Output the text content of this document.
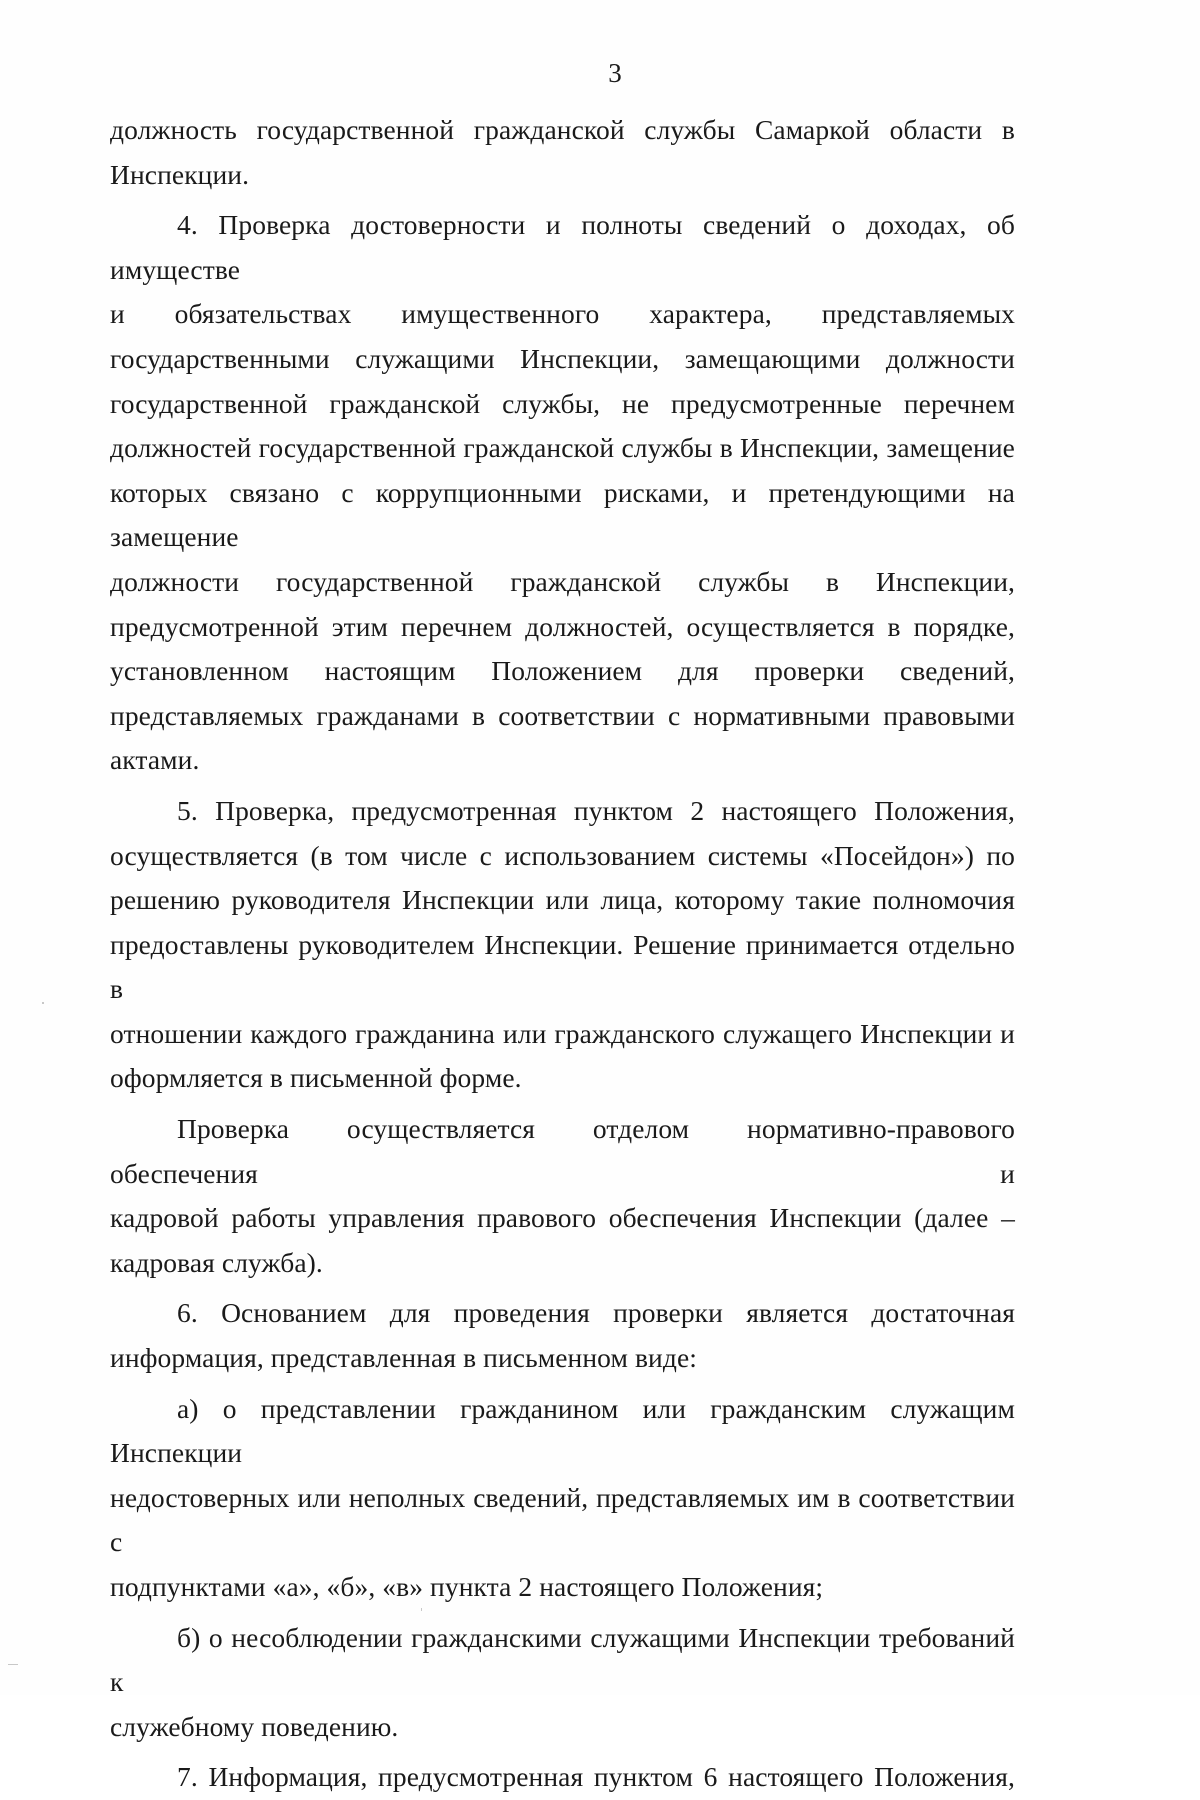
3

должность государственной гражданской службы Самаркой области в

Инспекции.

4. Проверка достоверности и полноты сведений о доходах, об имуществе

и обязательствах имущественного характера, представляемых

государственными служащими Инспекции, замещающими должности

государственной гражданской службы, не предусмотренные перечнем

должностей государственной гражданской службы в Инспекции, замещение

которых связано с коррупционными рисками, и претендующими на замещение

должности государственной гражданской службы в Инспекции,

предусмотренной этим перечнем должностей, осуществляется в порядке,

установленном настоящим Положением для проверки сведений,

представляемых гражданами в соответствии с нормативными правовыми

актами.

5. Проверка, предусмотренная пунктом 2 настоящего Положения,

осуществляется (в том числе с использованием системы «Посейдон») по

решению руководителя Инспекции или лица, которому такие полномочия

предоставлены руководителем Инспекции. Решение принимается отдельно в

отношении каждого гражданина или гражданского служащего Инспекции и

оформляется в письменной форме.

Проверка осуществляется отделом нормативно-правового обеспечения и

кадровой работы управления правового обеспечения Инспекции (далее –

кадровая служба).

6. Основанием для проведения проверки является достаточная

информация, представленная в письменном виде:

а) о представлении гражданином или гражданским служащим Инспекции

недостоверных или неполных сведений, представляемых им в соответствии с

подпунктами «а», «б», «в» пункта 2 настоящего Положения;

б) о несоблюдении гражданскими служащими Инспекции требований к

служебному поведению.

7. Информация, предусмотренная пунктом 6 настоящего Положения,
